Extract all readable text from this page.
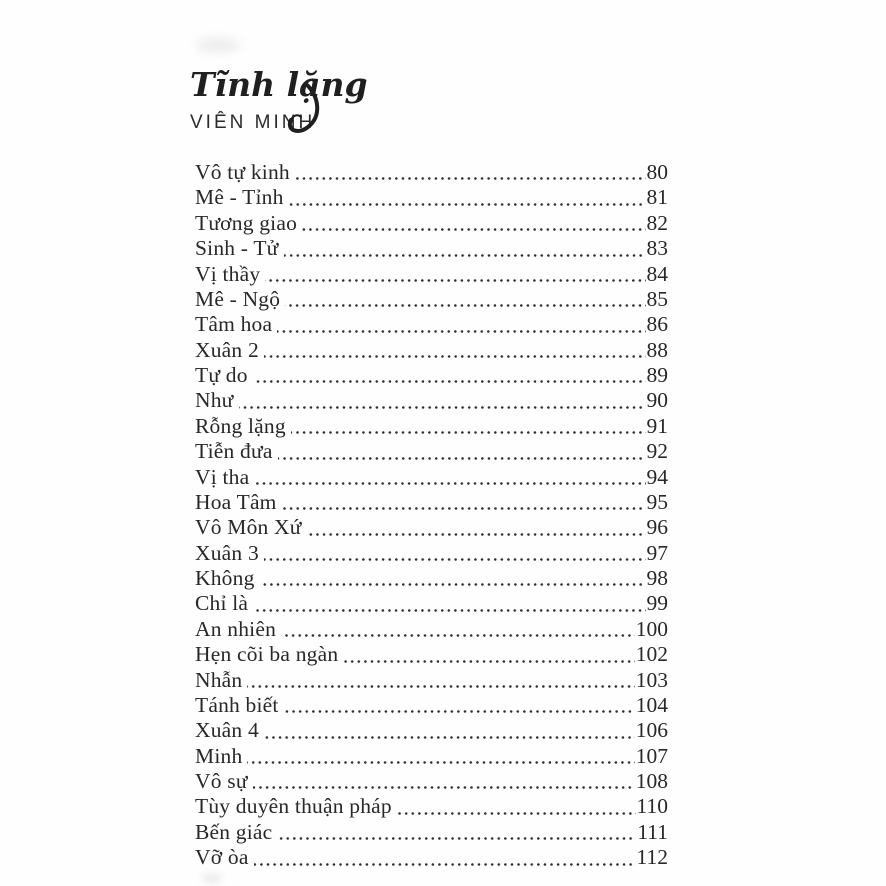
Tĩnh lặng
VIÊN MINH
Vô tự kinh	80
Mê - Tỉnh	81
Tương giao	82
Sinh - Tử	83
Vị thầy	84
Mê - Ngộ	85
Tâm hoa	86
Xuân 2	88
Tự do	89
Như	90
Rỗng lặng	91
Tiễn đưa	92
Vị tha	94
Hoa Tâm	95
Vô Môn Xứ	96
Xuân 3	97
Không	98
Chỉ là	99
An nhiên	100
Hẹn cõi ba ngàn	102
Nhẫn	103
Tánh biết	104
Xuân 4	106
Minh	107
Vô sự	108
Tùy duyên thuận pháp	110
Bến giác	111
Vỡ òa	112
